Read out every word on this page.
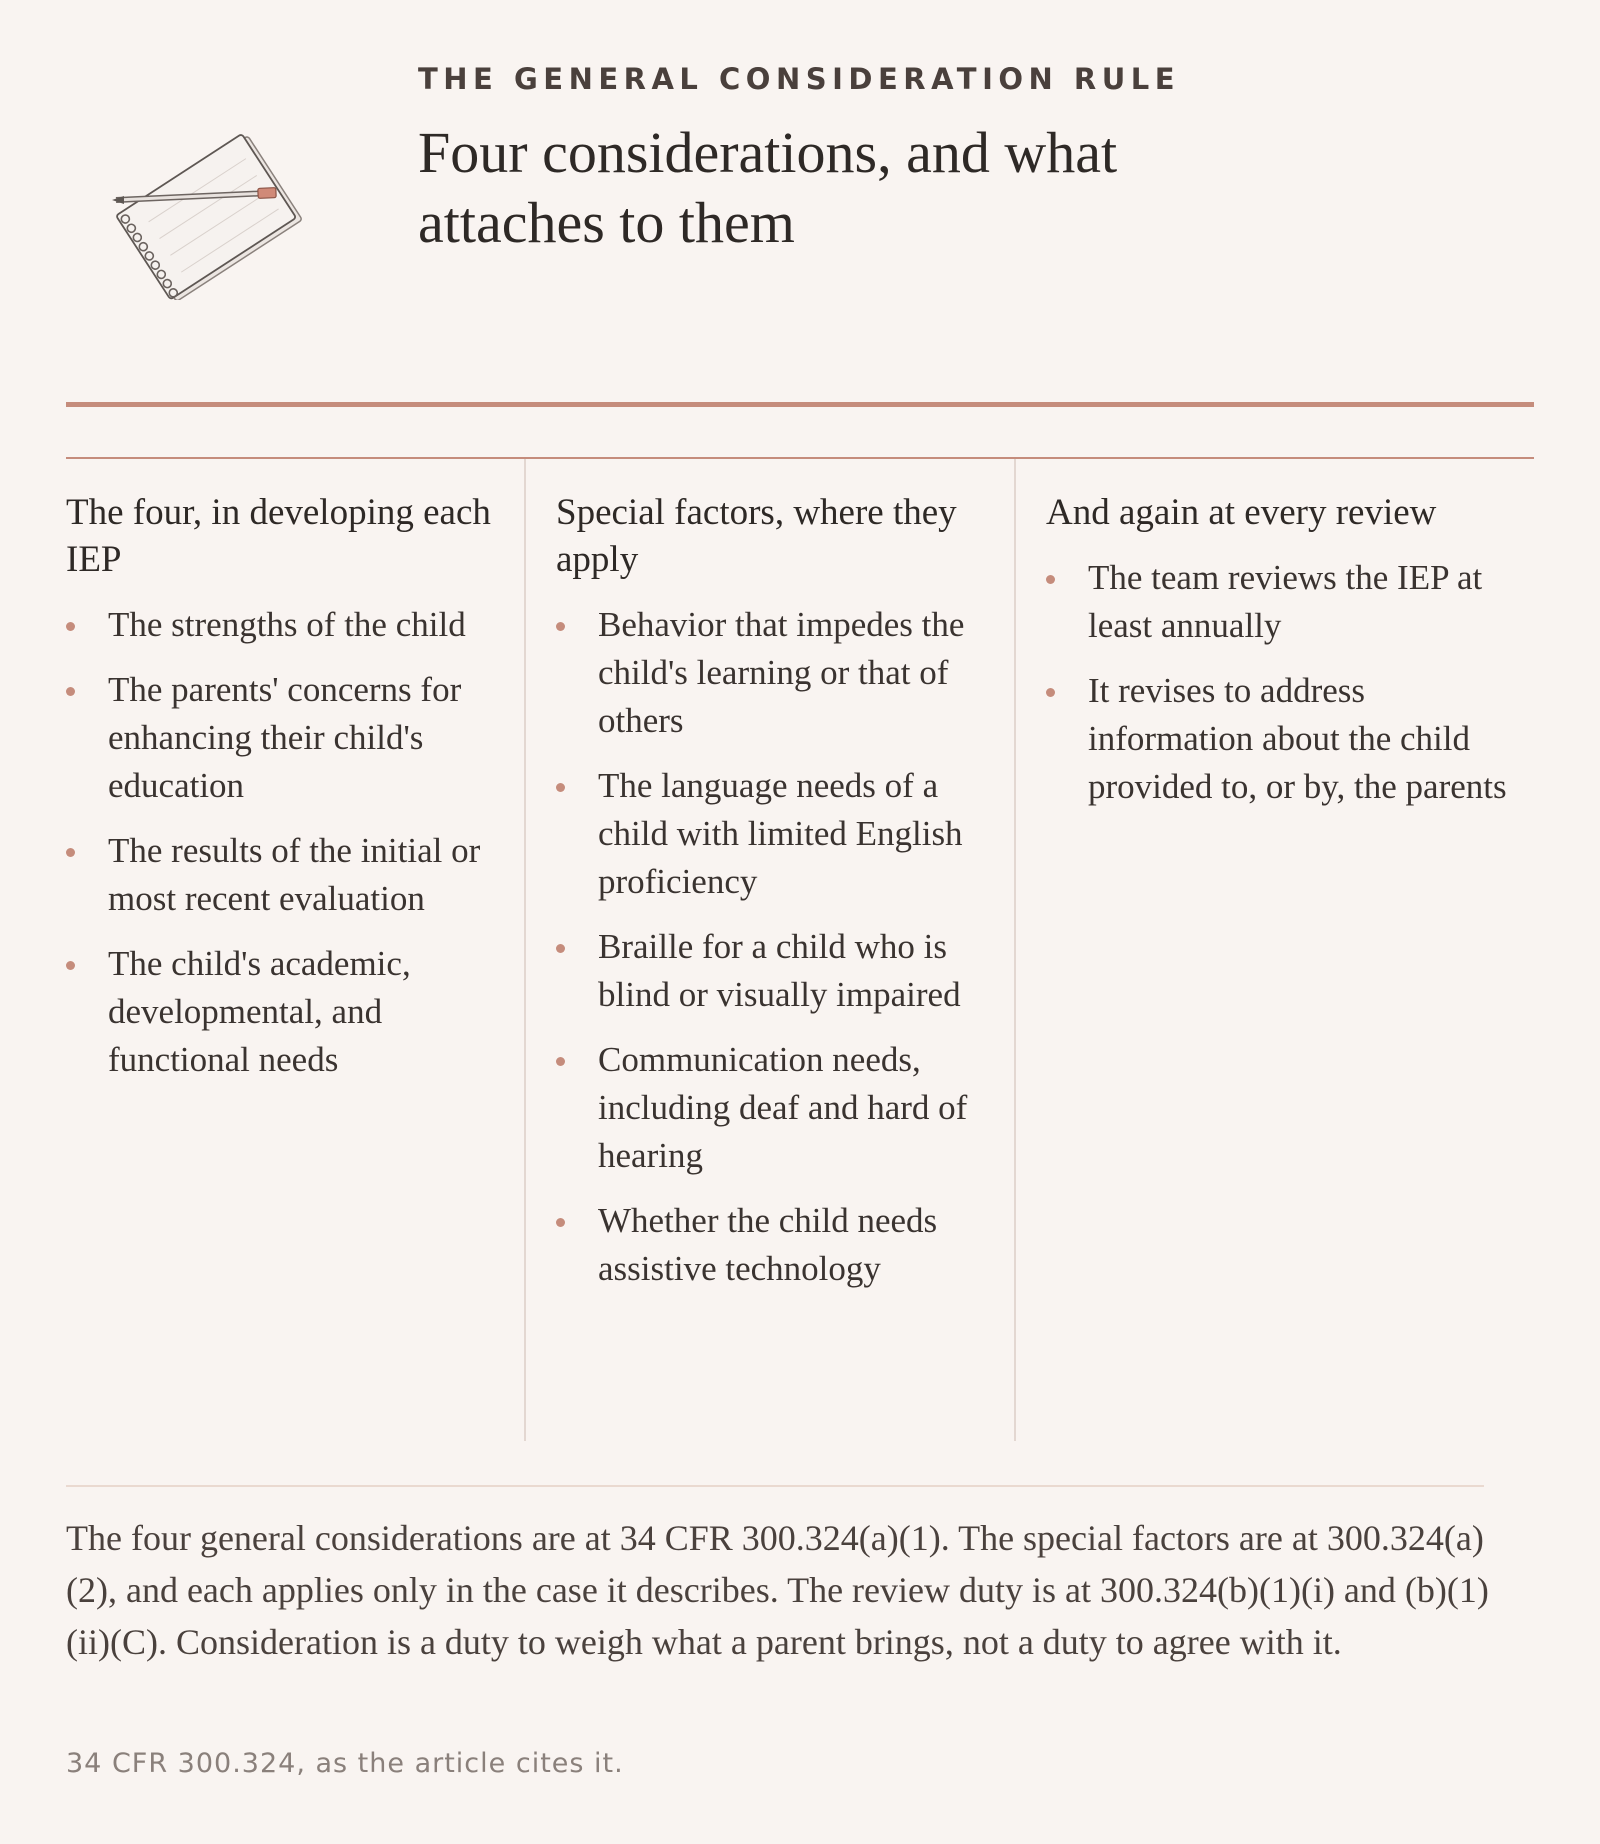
THE GENERAL CONSIDERATION RULE
Four considerations, and what attaches to them
The four, in developing each IEP
The strengths of the child
The parents' concerns for enhancing their child's education
The results of the initial or most recent evaluation
The child's academic, developmental, and functional needs
Special factors, where they apply
Behavior that impedes the child's learning or that of others
The language needs of a child with limited English proficiency
Braille for a child who is blind or visually impaired
Communication needs, including deaf and hard of hearing
Whether the child needs assistive technology
And again at every review
The team reviews the IEP at least annually
It revises to address information about the child provided to, or by, the parents

The four general considerations are at 34 CFR 300.324(a)(1). The special factors are at 300.324(a)(2), and each applies only in the case it describes. The review duty is at 300.324(b)(1)(i) and (b)(1)(ii)(C). Consideration is a duty to weigh what a parent brings, not a duty to agree with it.

34 CFR 300.324, as the article cites it.
